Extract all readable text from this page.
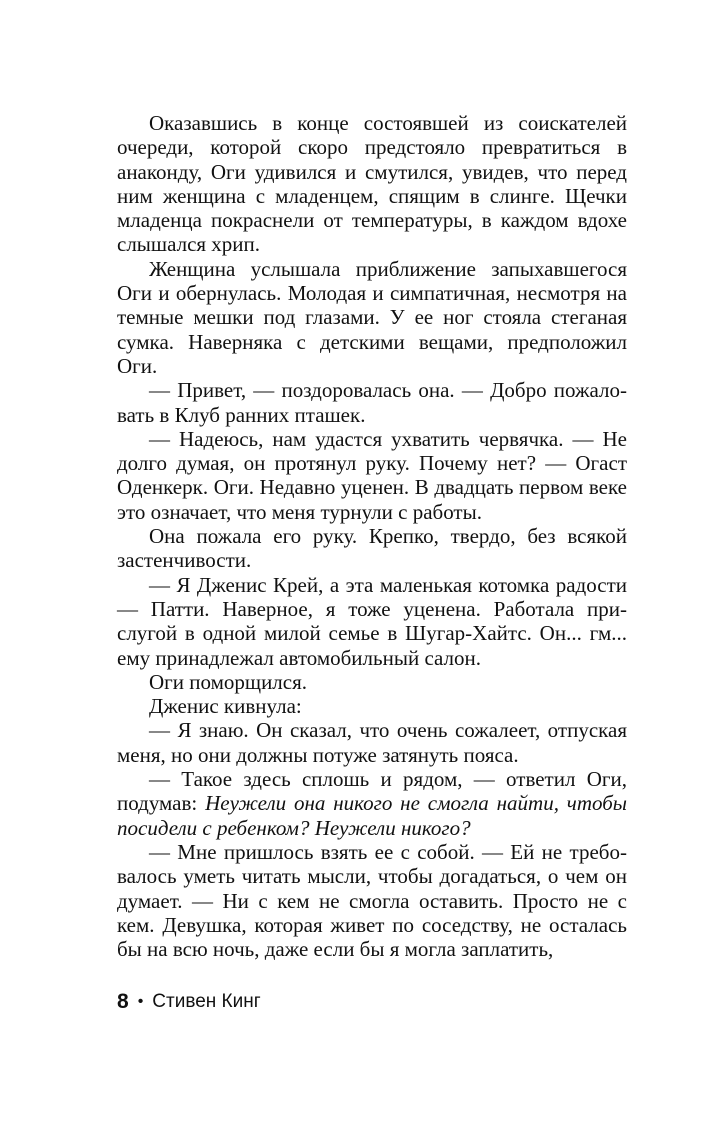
Оказавшись в конце состоявшей из соискателей очереди, которой скоро предстояло превратиться в анаконду, Оги удивился и смутился, увидев, что перед ним женщина с младенцем, спящим в слинге. Щечки младенца покраснели от температуры, в каждом вдохе слышался хрип.

Женщина услышала приближение запыхавшегося Оги и обернулась. Молодая и симпатичная, несмотря на темные мешки под глазами. У ее ног стояла стеганая сумка. Наверняка с детскими вещами, предположил Оги.

— Привет, — поздоровалась она. — Добро пожаловать в Клуб ранних пташек.

— Надеюсь, нам удастся ухватить червячка. — Не долго думая, он протянул руку. Почему нет? — Огаст Оденкерк. Оги. Недавно уценен. В двадцать первом веке это означает, что меня турнули с работы.

Она пожала его руку. Крепко, твердо, без всякой застенчивости.

— Я Дженис Крей, а эта маленькая котомка радости — Патти. Наверное, я тоже уценена. Работала прислугой в одной милой семье в Шугар-Хайтс. Он... гм... ему принадлежал автомобильный салон.

Оги поморщился.

Дженис кивнула:

— Я знаю. Он сказал, что очень сожалеет, отпуская меня, но они должны потуже затянуть пояса.

— Такое здесь сплошь и рядом, — ответил Оги, подумав: Неужели она никого не смогла найти, чтобы посидели с ребенком? Неужели никого?

— Мне пришлось взять ее с собой. — Ей не требовалось уметь читать мысли, чтобы догадаться, о чем он думает. — Ни с кем не смогла оставить. Просто не с кем. Девушка, которая живет по соседству, не осталась бы на всю ночь, даже если бы я могла заплатить,

8 • Стивен Кинг
